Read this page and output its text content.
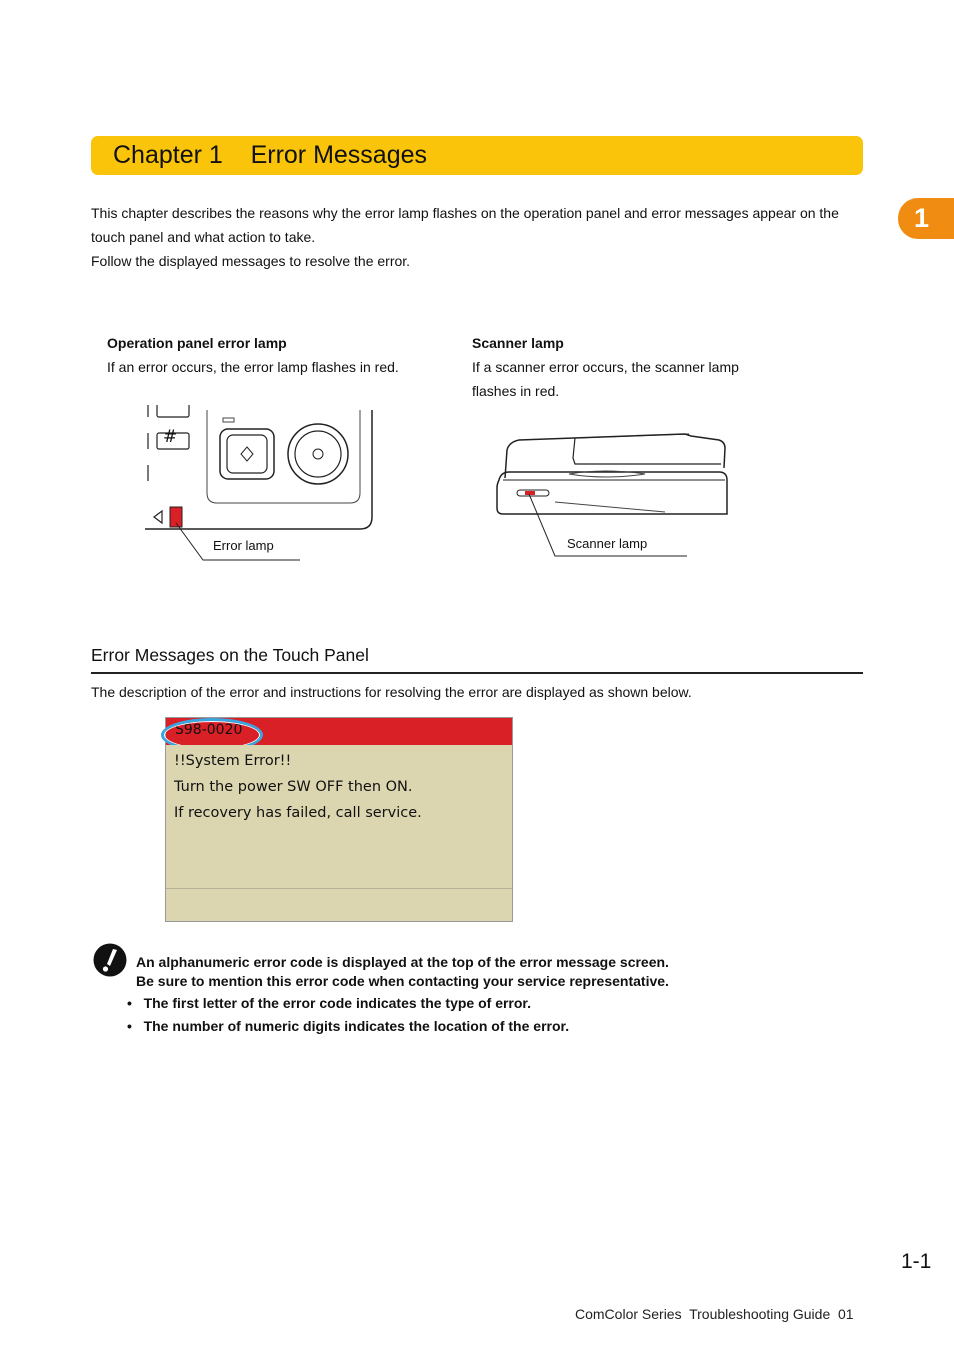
Chapter 1    Error Messages
1
This chapter describes the reasons why the error lamp flashes on the operation panel and error messages appear on the
touch panel and what action to take.
Follow the displayed messages to resolve the error.
Operation panel error lamp
If an error occurs, the error lamp flashes in red.
#
Error lamp
Scanner lamp
If a scanner error occurs, the scanner lamp
flashes in red.
Scanner lamp
Error Messages on the Touch Panel
The description of the error and instructions for resolving the error are displayed as shown below.
S98-0020
!!System Error!!
Turn the power SW OFF then ON.
If recovery has failed, call service.
An alphanumeric error code is displayed at the top of the error message screen.
Be sure to mention this error code when contacting your service representative.
•   The first letter of the error code indicates the type of error.
•   The number of numeric digits indicates the location of the error.
1-1
ComColor Series  Troubleshooting Guide  01
